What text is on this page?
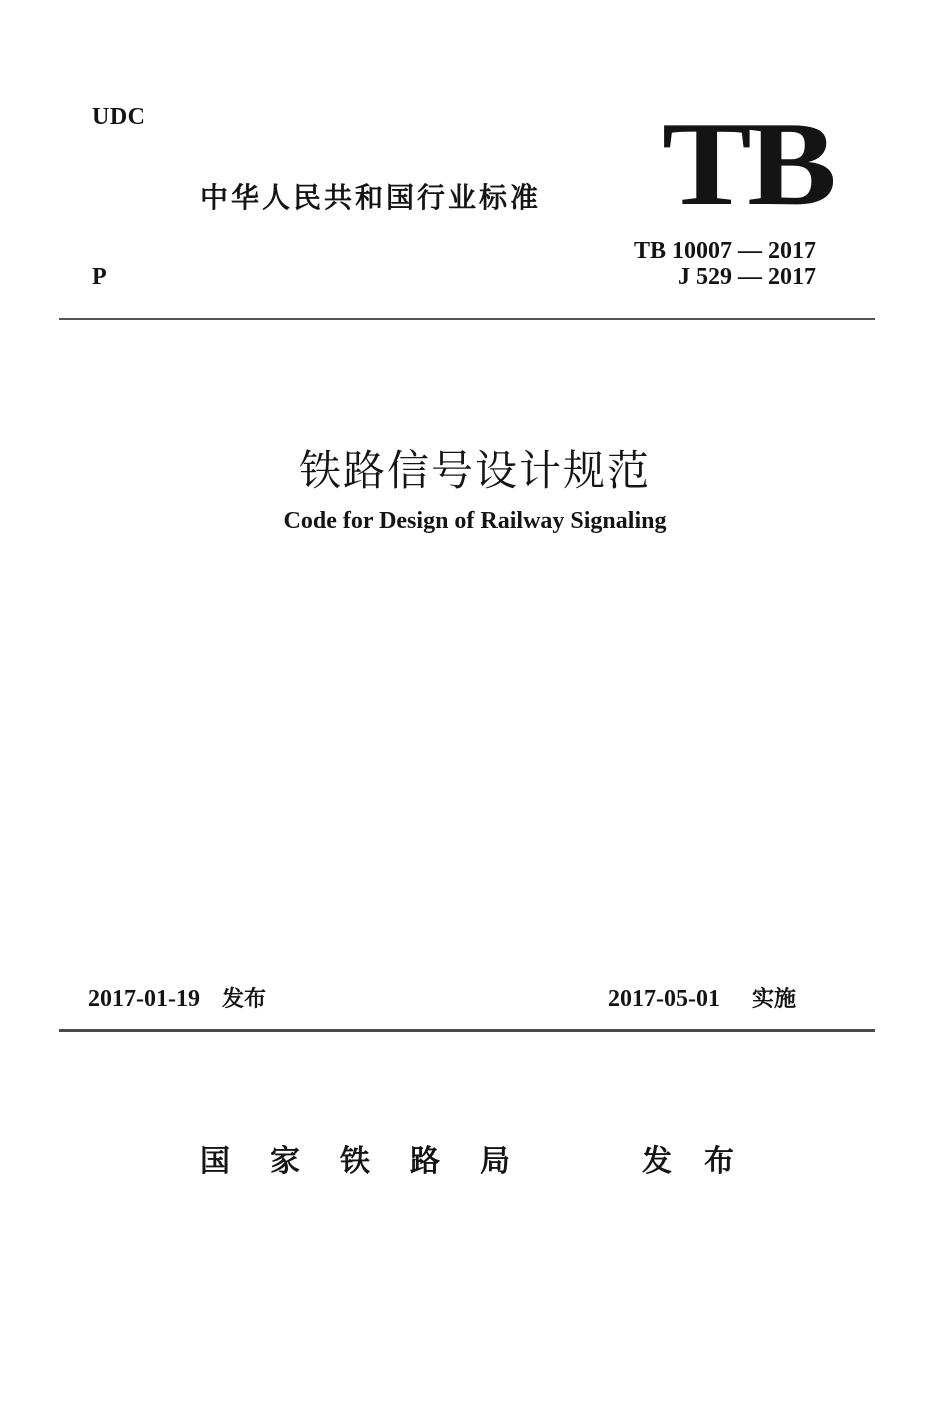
UDC
中华人民共和国行业标准 TB
P
TB 10007 — 2017
J 529 — 2017
铁路信号设计规范
Code for Design of Railway Signaling
2017-01-19 发布	2017-05-01 实施
国家铁路局	发布
